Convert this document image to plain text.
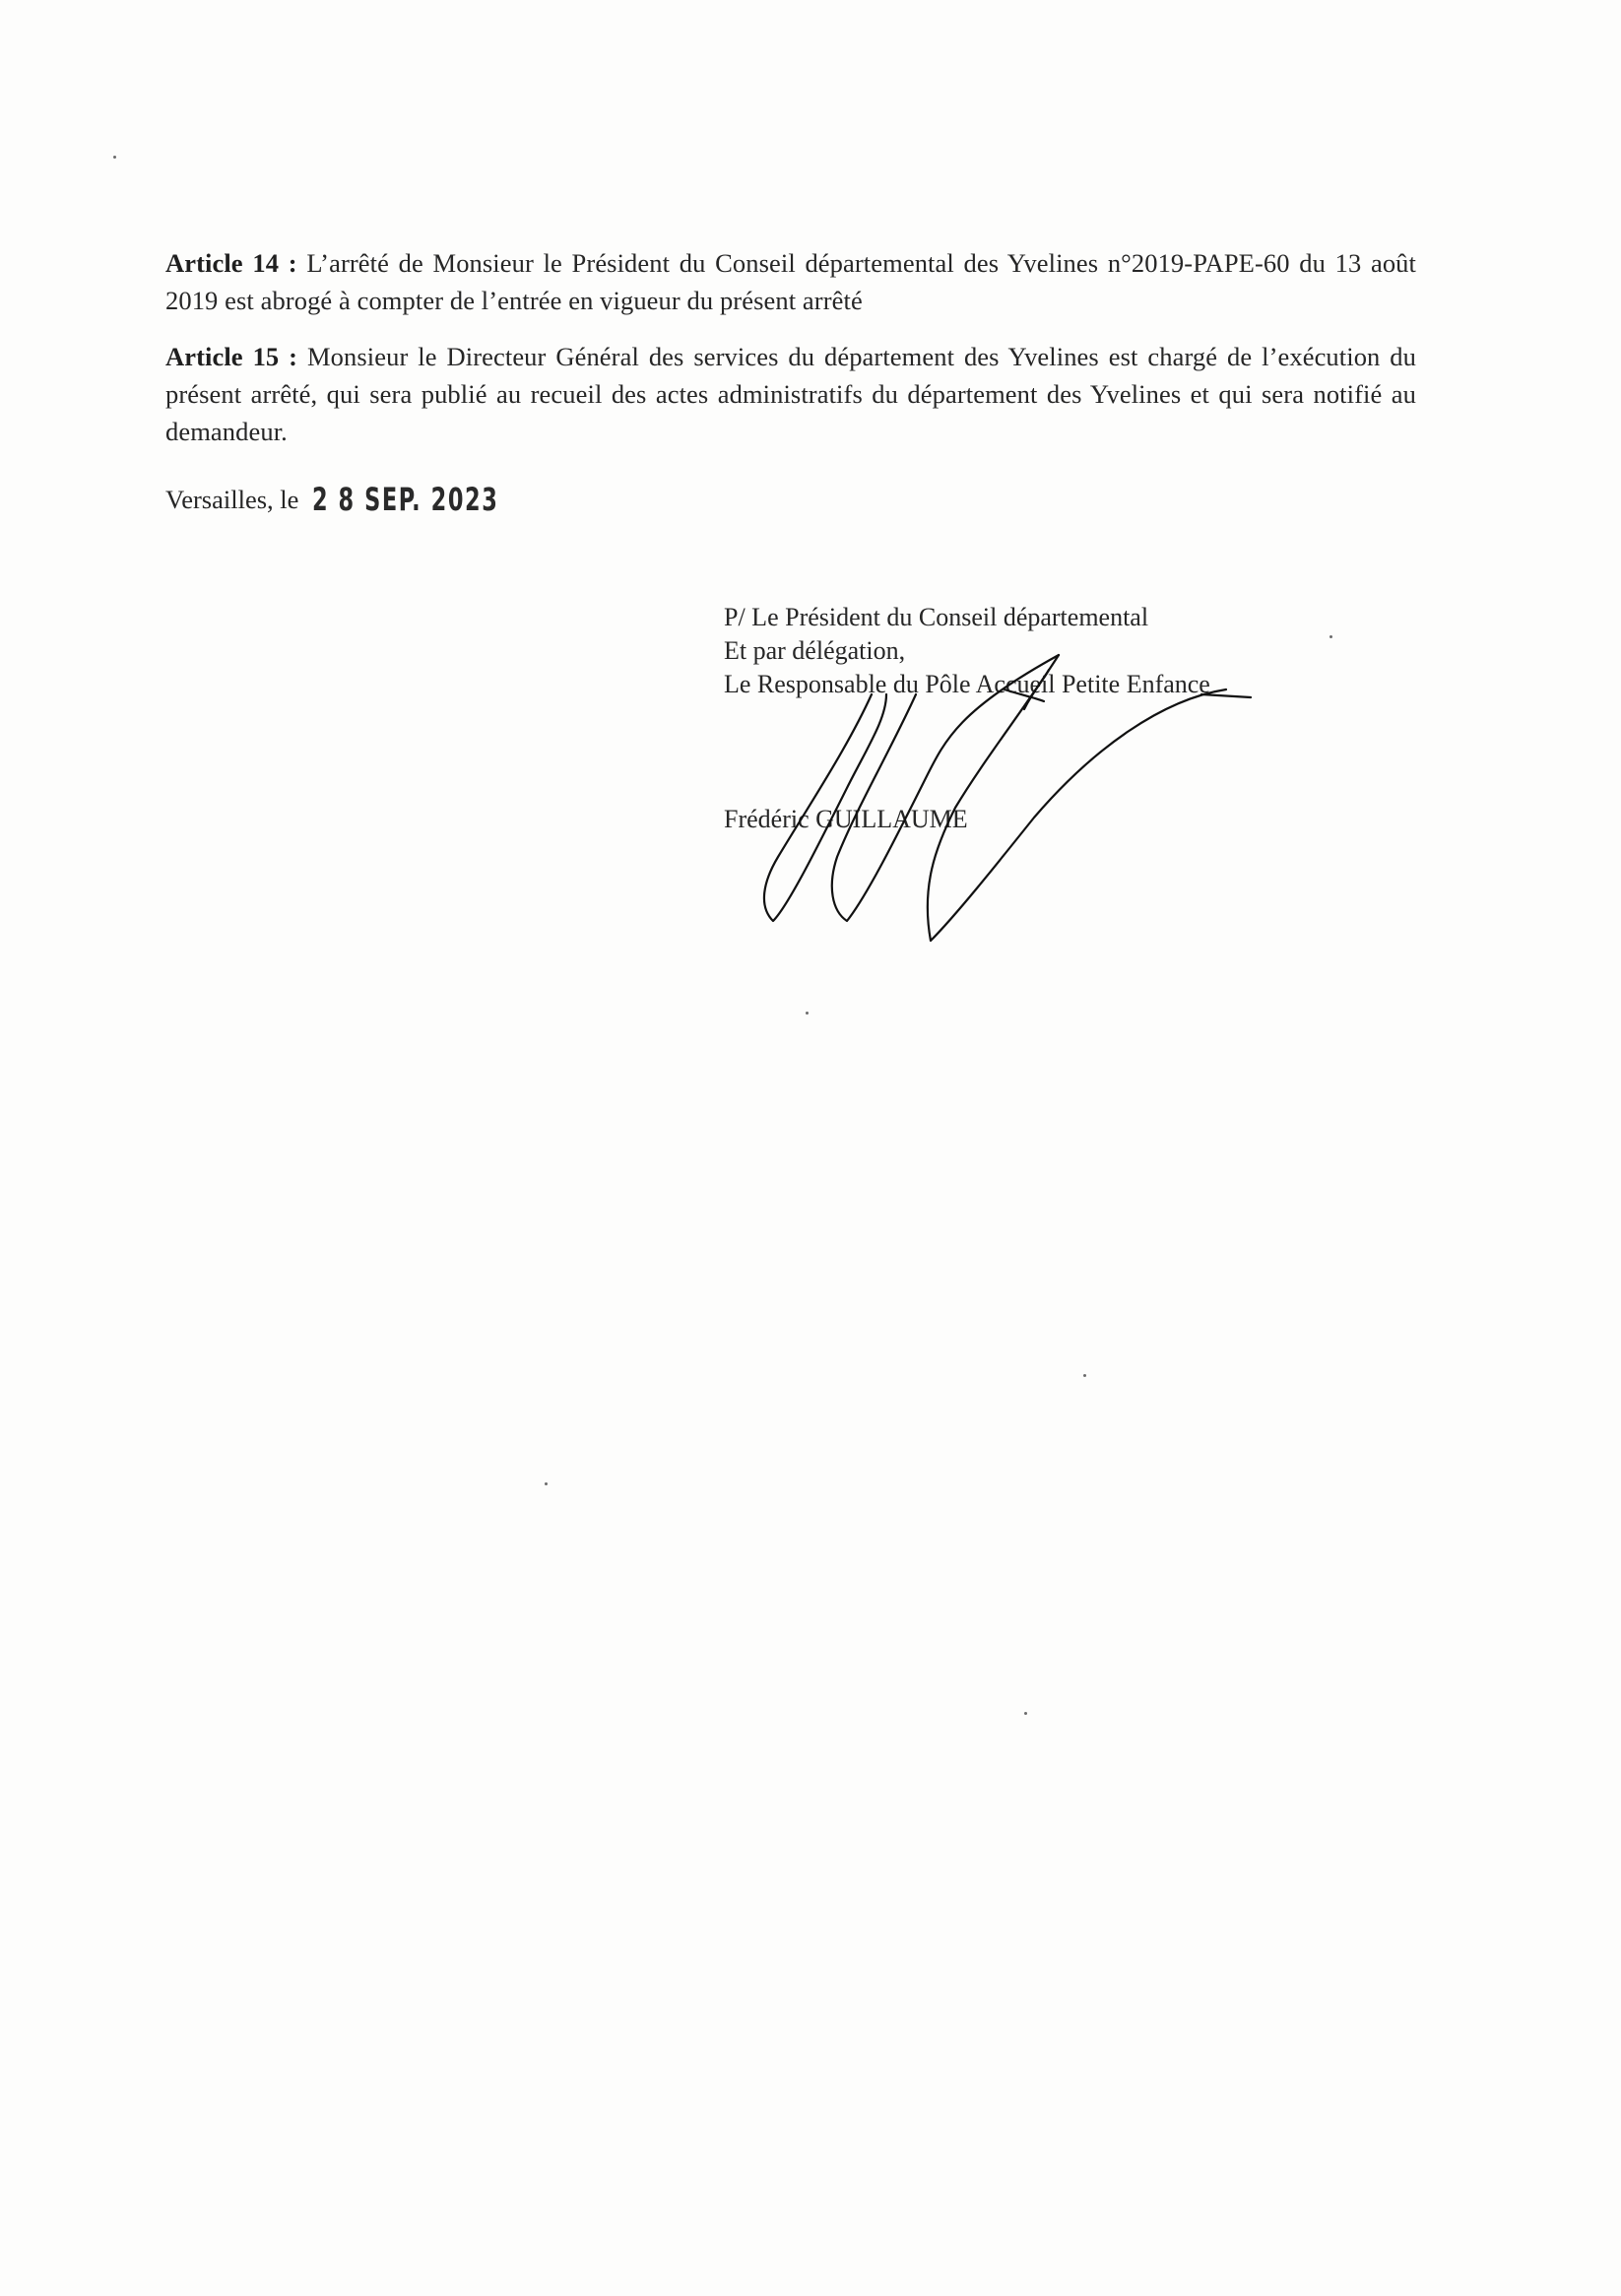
Article 14 : L’arrêté de Monsieur le Président du Conseil départemental des Yvelines n°2019-PAPE-60 du 13 août 2019 est abrogé à compter de l’entrée en vigueur du présent arrêté
Article 15 : Monsieur le Directeur Général des services du département des Yvelines est chargé de l’exécution du présent arrêté, qui sera publié au recueil des actes administratifs du département des Yvelines et qui sera notifié au demandeur.
Versailles, le 2 8 SEP. 2023
P/ Le Président du Conseil départemental
Et par délégation,
Le Responsable du Pôle Accueil Petite Enfance
Frédéric GUILLAUME
